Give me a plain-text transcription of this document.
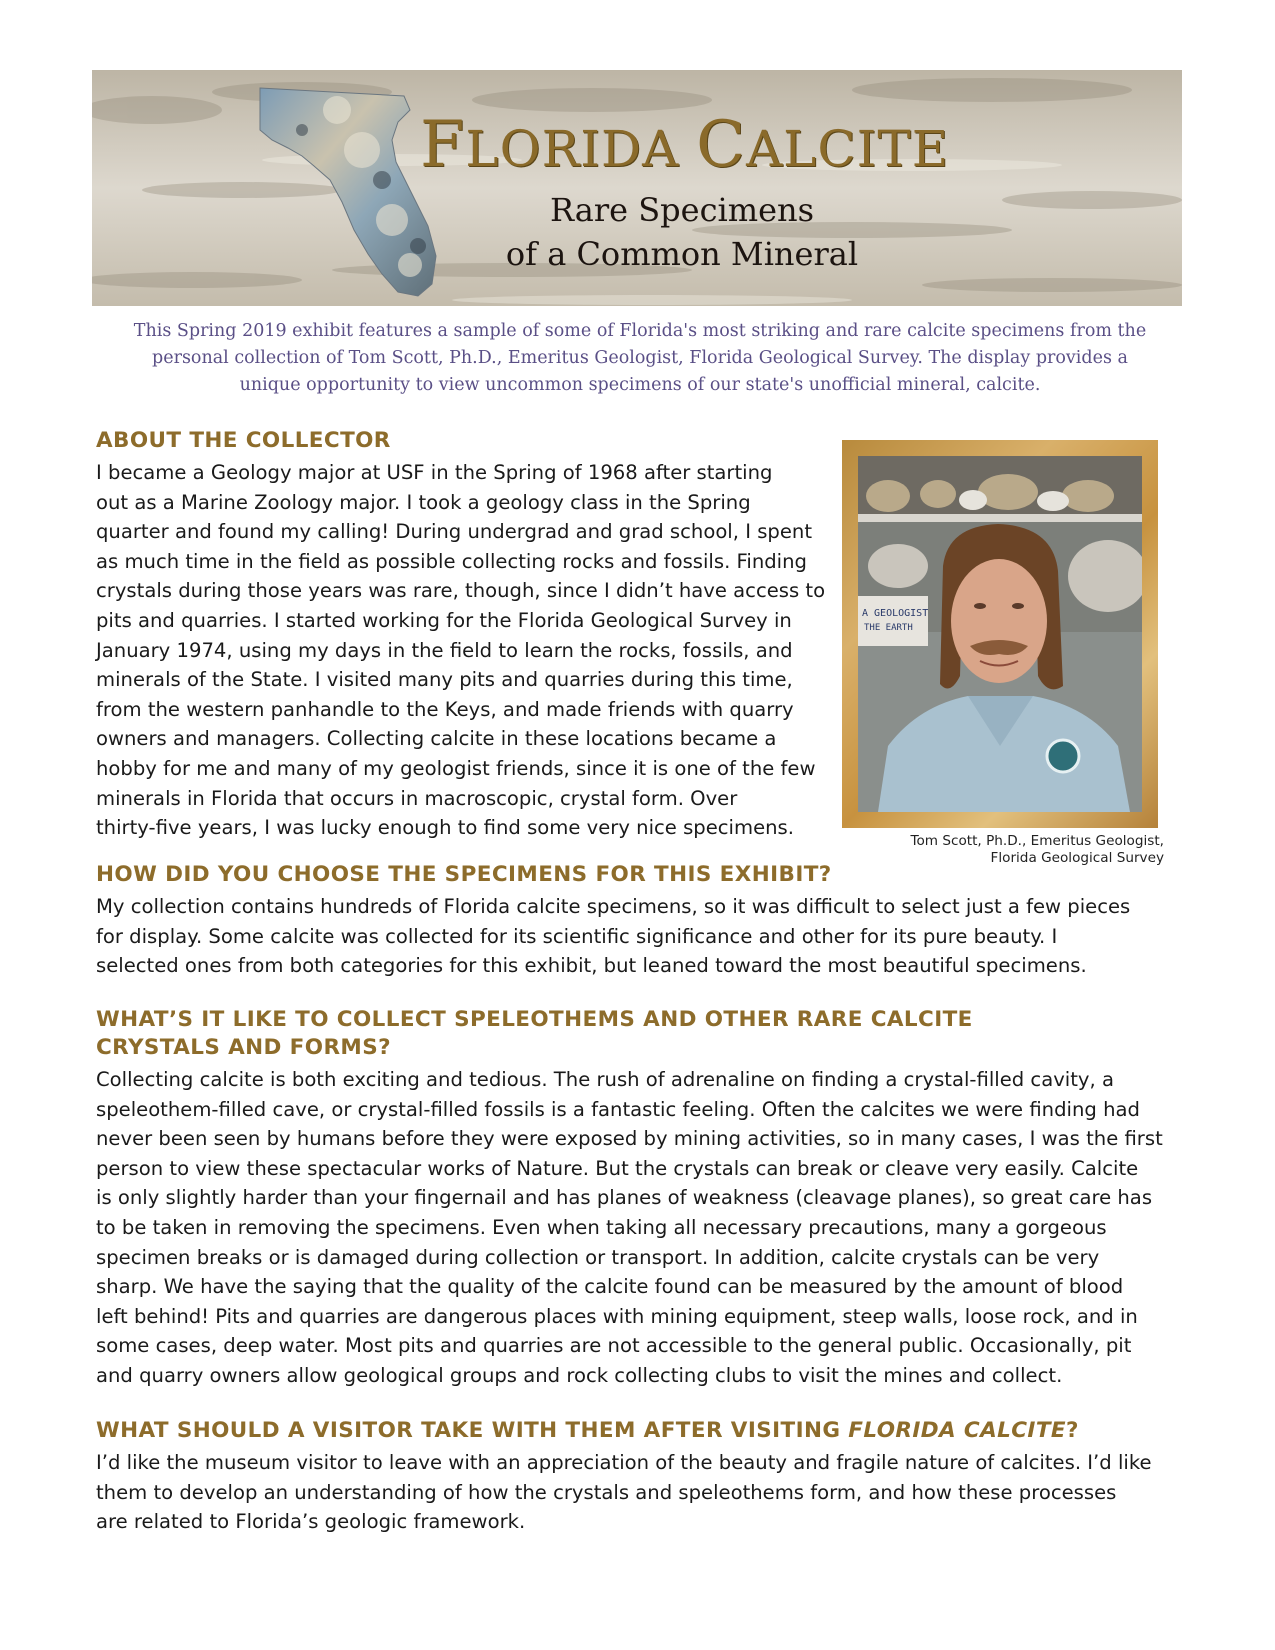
FLORIDA CALCITE
Rare Specimens
of a Common Mineral
This Spring 2019 exhibit features a sample of some of Florida's most striking and rare calcite specimens from the
personal collection of Tom Scott, Ph.D., Emeritus Geologist, Florida Geological Survey. The display provides a
unique opportunity to view uncommon specimens of our state's unofficial mineral, calcite.
ABOUT THE COLLECTOR
I became a Geology major at USF in the Spring of 1968 after starting
out as a Marine Zoology major. I took a geology class in the Spring
quarter and found my calling! During undergrad and grad school, I spent
as much time in the field as possible collecting rocks and fossils. Finding
crystals during those years was rare, though, since I didn’t have access to
pits and quarries. I started working for the Florida Geological Survey in
January 1974, using my days in the field to learn the rocks, fossils, and
minerals of the State. I visited many pits and quarries during this time,
from the western panhandle to the Keys, and made friends with quarry
owners and managers. Collecting calcite in these locations became a
hobby for me and many of my geologist friends, since it is one of the few
minerals in Florida that occurs in macroscopic, crystal form. Over
thirty-five years, I was lucky enough to find some very nice specimens.
A GEOLOGIST
THE EARTH
Tom Scott, Ph.D., Emeritus Geologist,
Florida Geological Survey
HOW DID YOU CHOOSE THE SPECIMENS FOR THIS EXHIBIT?
My collection contains hundreds of Florida calcite specimens, so it was difficult to select just a few pieces
for display. Some calcite was collected for its scientific significance and other for its pure beauty. I
selected ones from both categories for this exhibit, but leaned toward the most beautiful specimens.
WHAT’S IT LIKE TO COLLECT SPELEOTHEMS AND OTHER RARE CALCITE
CRYSTALS AND FORMS?
Collecting calcite is both exciting and tedious. The rush of adrenaline on finding a crystal-filled cavity, a
speleothem-filled cave, or crystal-filled fossils is a fantastic feeling. Often the calcites we were finding had
never been seen by humans before they were exposed by mining activities, so in many cases, I was the first
person to view these spectacular works of Nature. But the crystals can break or cleave very easily. Calcite
is only slightly harder than your fingernail and has planes of weakness (cleavage planes), so great care has
to be taken in removing the specimens. Even when taking all necessary precautions, many a gorgeous
specimen breaks or is damaged during collection or transport. In addition, calcite crystals can be very
sharp. We have the saying that the quality of the calcite found can be measured by the amount of blood
left behind! Pits and quarries are dangerous places with mining equipment, steep walls, loose rock, and in
some cases, deep water. Most pits and quarries are not accessible to the general public. Occasionally, pit
and quarry owners allow geological groups and rock collecting clubs to visit the mines and collect.
WHAT SHOULD A VISITOR TAKE WITH THEM AFTER VISITING FLORIDA CALCITE?
I’d like the museum visitor to leave with an appreciation of the beauty and fragile nature of calcites. I’d like
them to develop an understanding of how the crystals and speleothems form, and how these processes
are related to Florida’s geologic framework.
